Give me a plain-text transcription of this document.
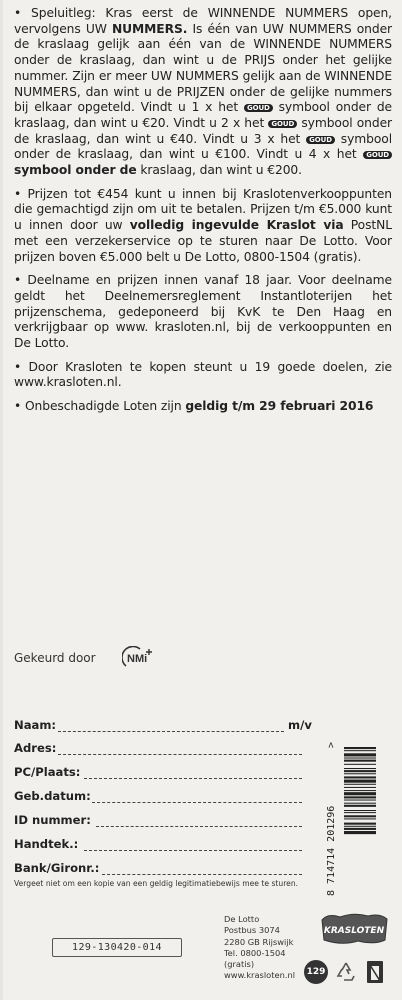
• Speluitleg: Kras eerst de WINNENDE NUMMERS open, vervolgens UW NUMMERS. Is één van UW NUMMERS onder de kraslaag gelijk aan één van de WINNENDE NUMMERS onder de kraslaag, dan wint u de PRIJS onder het gelijke nummer. Zijn er meer UW NUMMERS gelijk aan de WINNENDE NUMMERS, dan wint u de PRIJZEN onder de gelijke nummers bij elkaar opgeteld. Vindt u 1 x het GOUD symbool onder de kraslaag, dan wint u €20. Vindt u 2 x het GOUD symbool onder de kraslaag, dan wint u €40. Vindt u 3 x het GOUD symbool onder de kraslaag, dan wint u €100. Vindt u 4 x het GOUD symbool onder de kraslaag, dan wint u €200.

• Prijzen tot €454 kunt u innen bij Kraslotenverkooppunten die gemachtigd zijn om uit te betalen. Prijzen t/m €5.000 kunt u innen door uw volledig ingevulde Kraslot via PostNL met een verzekerservice op te sturen naar De Lotto. Voor prijzen boven €5.000 belt u De Lotto, 0800-1504 (gratis).

• Deelname en prijzen innen vanaf 18 jaar. Voor deelname geldt het Deelnemersreglement Instantloterijen het prijzenschema, gedeponeerd bij KvK te Den Haag en verkrijgbaar op www. krasloten.nl, bij de verkooppunten en De Lotto.

• Door Krasloten te kopen steunt u 19 goede doelen, zie www.krasloten.nl.

• Onbeschadigde Loten zijn geldig t/m 29 februari 2016

Gekeurd door	NMi
Naam:	m/v
Adres:
PC/Plaats:
Geb.datum:
ID nummer:
Handtek.:
Bank/Gironr.:
Vergeet niet om een kopie van een geldig legitimatiebewijs mee te sturen.	8 714714 201296
>
129-130420-014
De Lotto
Postbus 3074
2280 GB Rijswijk
Tel. 0800-1504
(gratis)
www.krasloten.nl
KRASLOTEN
129
